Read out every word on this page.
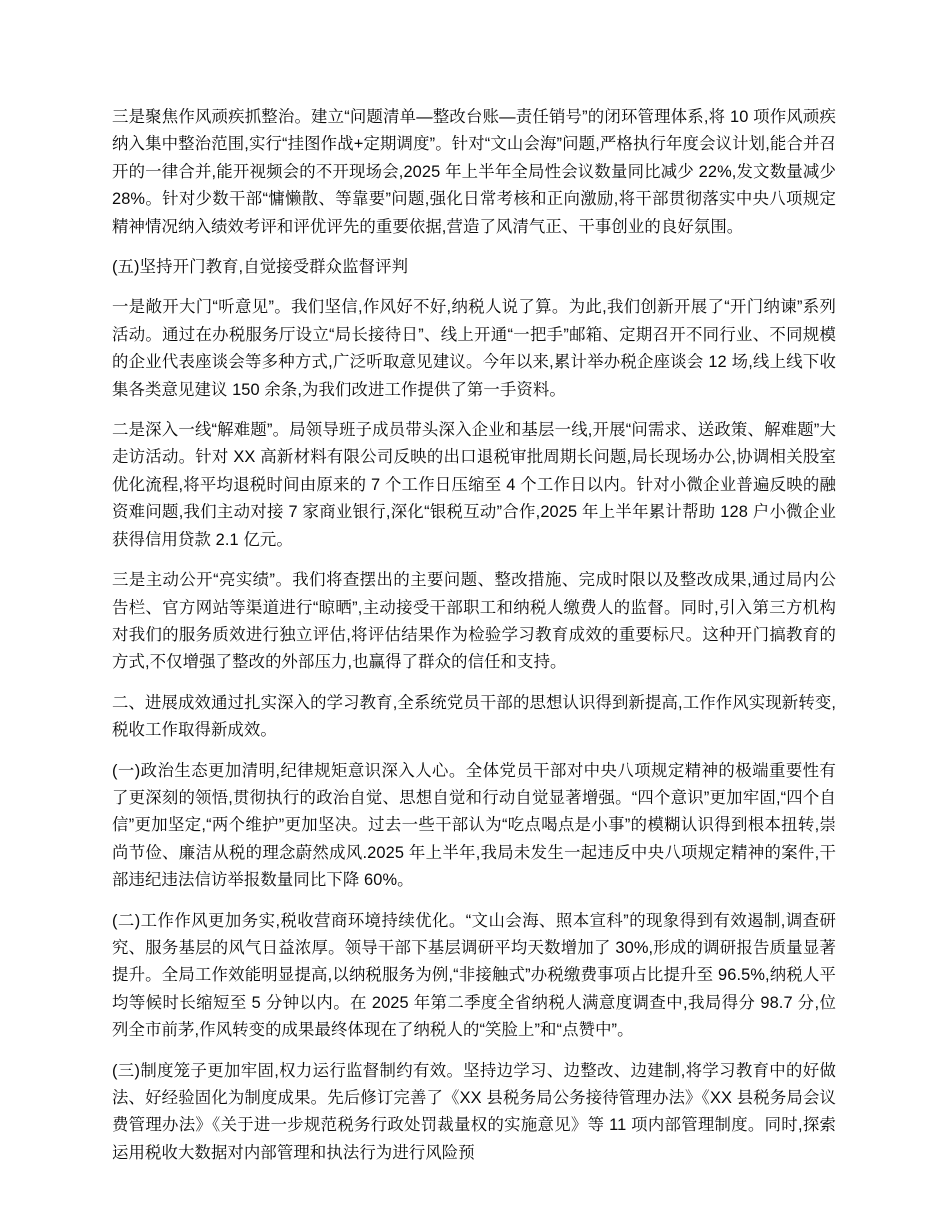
三是聚焦作风顽疾抓整治。建立“问题清单—整改台账—责任销号”的闭环管理体系,将 10 项作风顽疾纳入集中整治范围,实行“挂图作战+定期调度”。针对“文山会海”问题,严格执行年度会议计划,能合并召开的一律合并,能开视频会的不开现场会,2025 年上半年全局性会议数量同比减少 22%,发文数量减少 28%。针对少数干部“慵懒散、等靠要”问题,强化日常考核和正向激励,将干部贯彻落实中央八项规定精神情况纳入绩效考评和评优评先的重要依据,营造了风清气正、干事创业的良好氛围。

(五)坚持开门教育,自觉接受群众监督评判

一是敞开大门“听意见”。我们坚信,作风好不好,纳税人说了算。为此,我们创新开展了“开门纳谏”系列活动。通过在办税服务厅设立“局长接待日”、线上开通“一把手”邮箱、定期召开不同行业、不同规模的企业代表座谈会等多种方式,广泛听取意见建议。今年以来,累计举办税企座谈会 12 场,线上线下收集各类意见建议 150 余条,为我们改进工作提供了第一手资料。

二是深入一线“解难题”。局领导班子成员带头深入企业和基层一线,开展“问需求、送政策、解难题”大走访活动。针对 XX 高新材料有限公司反映的出口退税审批周期长问题,局长现场办公,协调相关股室优化流程,将平均退税时间由原来的 7 个工作日压缩至 4 个工作日以内。针对小微企业普遍反映的融资难问题,我们主动对接 7 家商业银行,深化“银税互动”合作,2025 年上半年累计帮助 128 户小微企业获得信用贷款 2.1 亿元。

三是主动公开“亮实绩”。我们将查摆出的主要问题、整改措施、完成时限以及整改成果,通过局内公告栏、官方网站等渠道进行“晾晒”,主动接受干部职工和纳税人缴费人的监督。同时,引入第三方机构对我们的服务质效进行独立评估,将评估结果作为检验学习教育成效的重要标尺。这种开门搞教育的方式,不仅增强了整改的外部压力,也赢得了群众的信任和支持。

二、进展成效通过扎实深入的学习教育,全系统党员干部的思想认识得到新提高,工作作风实现新转变,税收工作取得新成效。

(一)政治生态更加清明,纪律规矩意识深入人心。全体党员干部对中央八项规定精神的极端重要性有了更深刻的领悟,贯彻执行的政治自觉、思想自觉和行动自觉显著增强。“四个意识”更加牢固,“四个自信”更加坚定,“两个维护”更加坚决。过去一些干部认为“吃点喝点是小事”的模糊认识得到根本扭转,崇尚节俭、廉洁从税的理念蔚然成风.2025 年上半年,我局未发生一起违反中央八项规定精神的案件,干部违纪违法信访举报数量同比下降 60%。

(二)工作作风更加务实,税收营商环境持续优化。“文山会海、照本宣科”的现象得到有效遏制,调查研究、服务基层的风气日益浓厚。领导干部下基层调研平均天数增加了 30%,形成的调研报告质量显著提升。全局工作效能明显提高,以纳税服务为例,“非接触式”办税缴费事项占比提升至 96.5%,纳税人平均等候时长缩短至 5 分钟以内。在 2025 年第二季度全省纳税人满意度调查中,我局得分 98.7 分,位列全市前茅,作风转变的成果最终体现在了纳税人的“笑脸上”和“点赞中”。

(三)制度笼子更加牢固,权力运行监督制约有效。坚持边学习、边整改、边建制,将学习教育中的好做法、好经验固化为制度成果。先后修订完善了《XX 县税务局公务接待管理办法》《XX 县税务局会议费管理办法》《关于进一步规范税务行政处罚裁量权的实施意见》等 11 项内部管理制度。同时,探索运用税收大数据对内部管理和执法行为进行风险预
